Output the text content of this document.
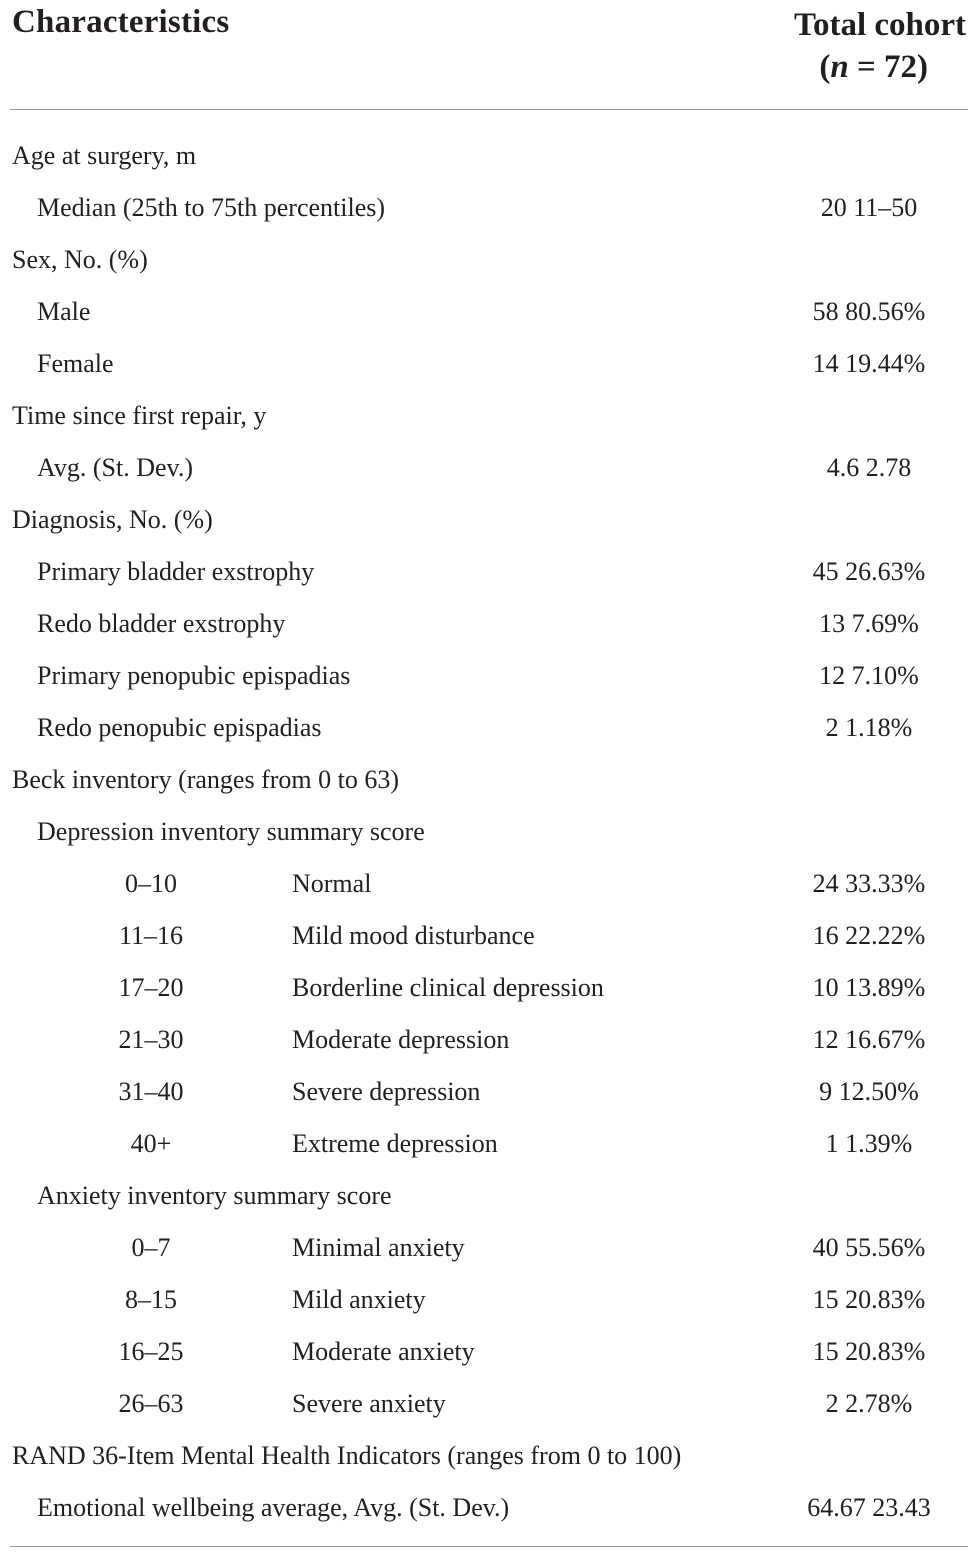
Characteristics	Total cohort
(n = 72)
Age at surgery, m
Median (25th to 75th percentiles)	20 11–50
Sex, No. (%)
Male	58 80.56%
Female	14 19.44%
Time since first repair, y
Avg. (St. Dev.)	4.6 2.78
Diagnosis, No. (%)
Primary bladder exstrophy	45 26.63%
Redo bladder exstrophy	13 7.69%
Primary penopubic epispadias	12 7.10%
Redo penopubic epispadias	2 1.18%
Beck inventory (ranges from 0 to 63)
Depression inventory summary score
0–10	Normal	24 33.33%
11–16	Mild mood disturbance	16 22.22%
17–20	Borderline clinical depression	10 13.89%
21–30	Moderate depression	12 16.67%
31–40	Severe depression	9 12.50%
40+	Extreme depression	1 1.39%
Anxiety inventory summary score
0–7	Minimal anxiety	40 55.56%
8–15	Mild anxiety	15 20.83%
16–25	Moderate anxiety	15 20.83%
26–63	Severe anxiety	2 2.78%
RAND 36-Item Mental Health Indicators (ranges from 0 to 100)
Emotional wellbeing average, Avg. (St. Dev.)	64.67 23.43
